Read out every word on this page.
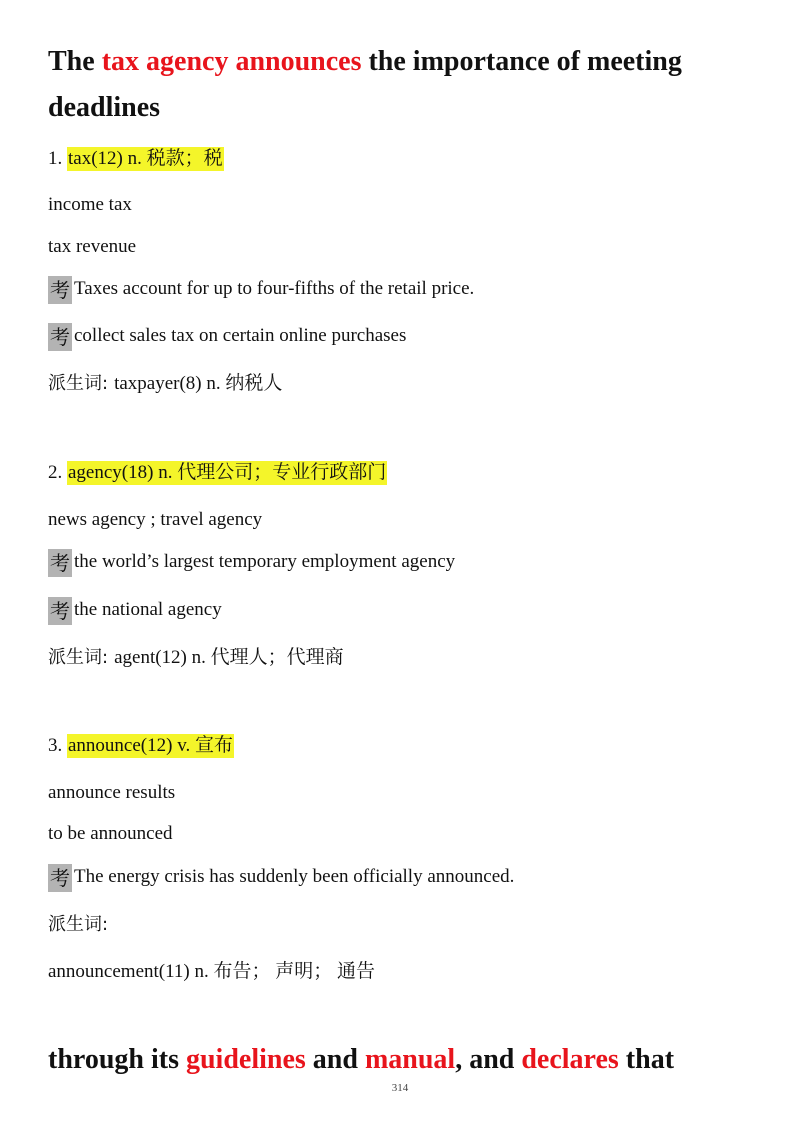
The tax agency announces the importance of meeting
deadlines
1. tax(12) n. 税款；税
income tax
tax revenue
考 Taxes account for up to four-fifths of the retail price.
考 collect sales tax on certain online purchases
派生词: taxpayer(8) n. 纳税人
2. agency(18) n. 代理公司；专业行政部门
news agency ; travel agency
考 the world’s largest temporary employment agency
考 the national agency
派生词: agent(12) n. 代理人；代理商
3. announce(12) v. 宣布
announce results
to be announced
考 The energy crisis has suddenly been officially announced.
派生词:
announcement(11) n. 布告； 声明； 通告
through its guidelines and manual, and declares that
314
